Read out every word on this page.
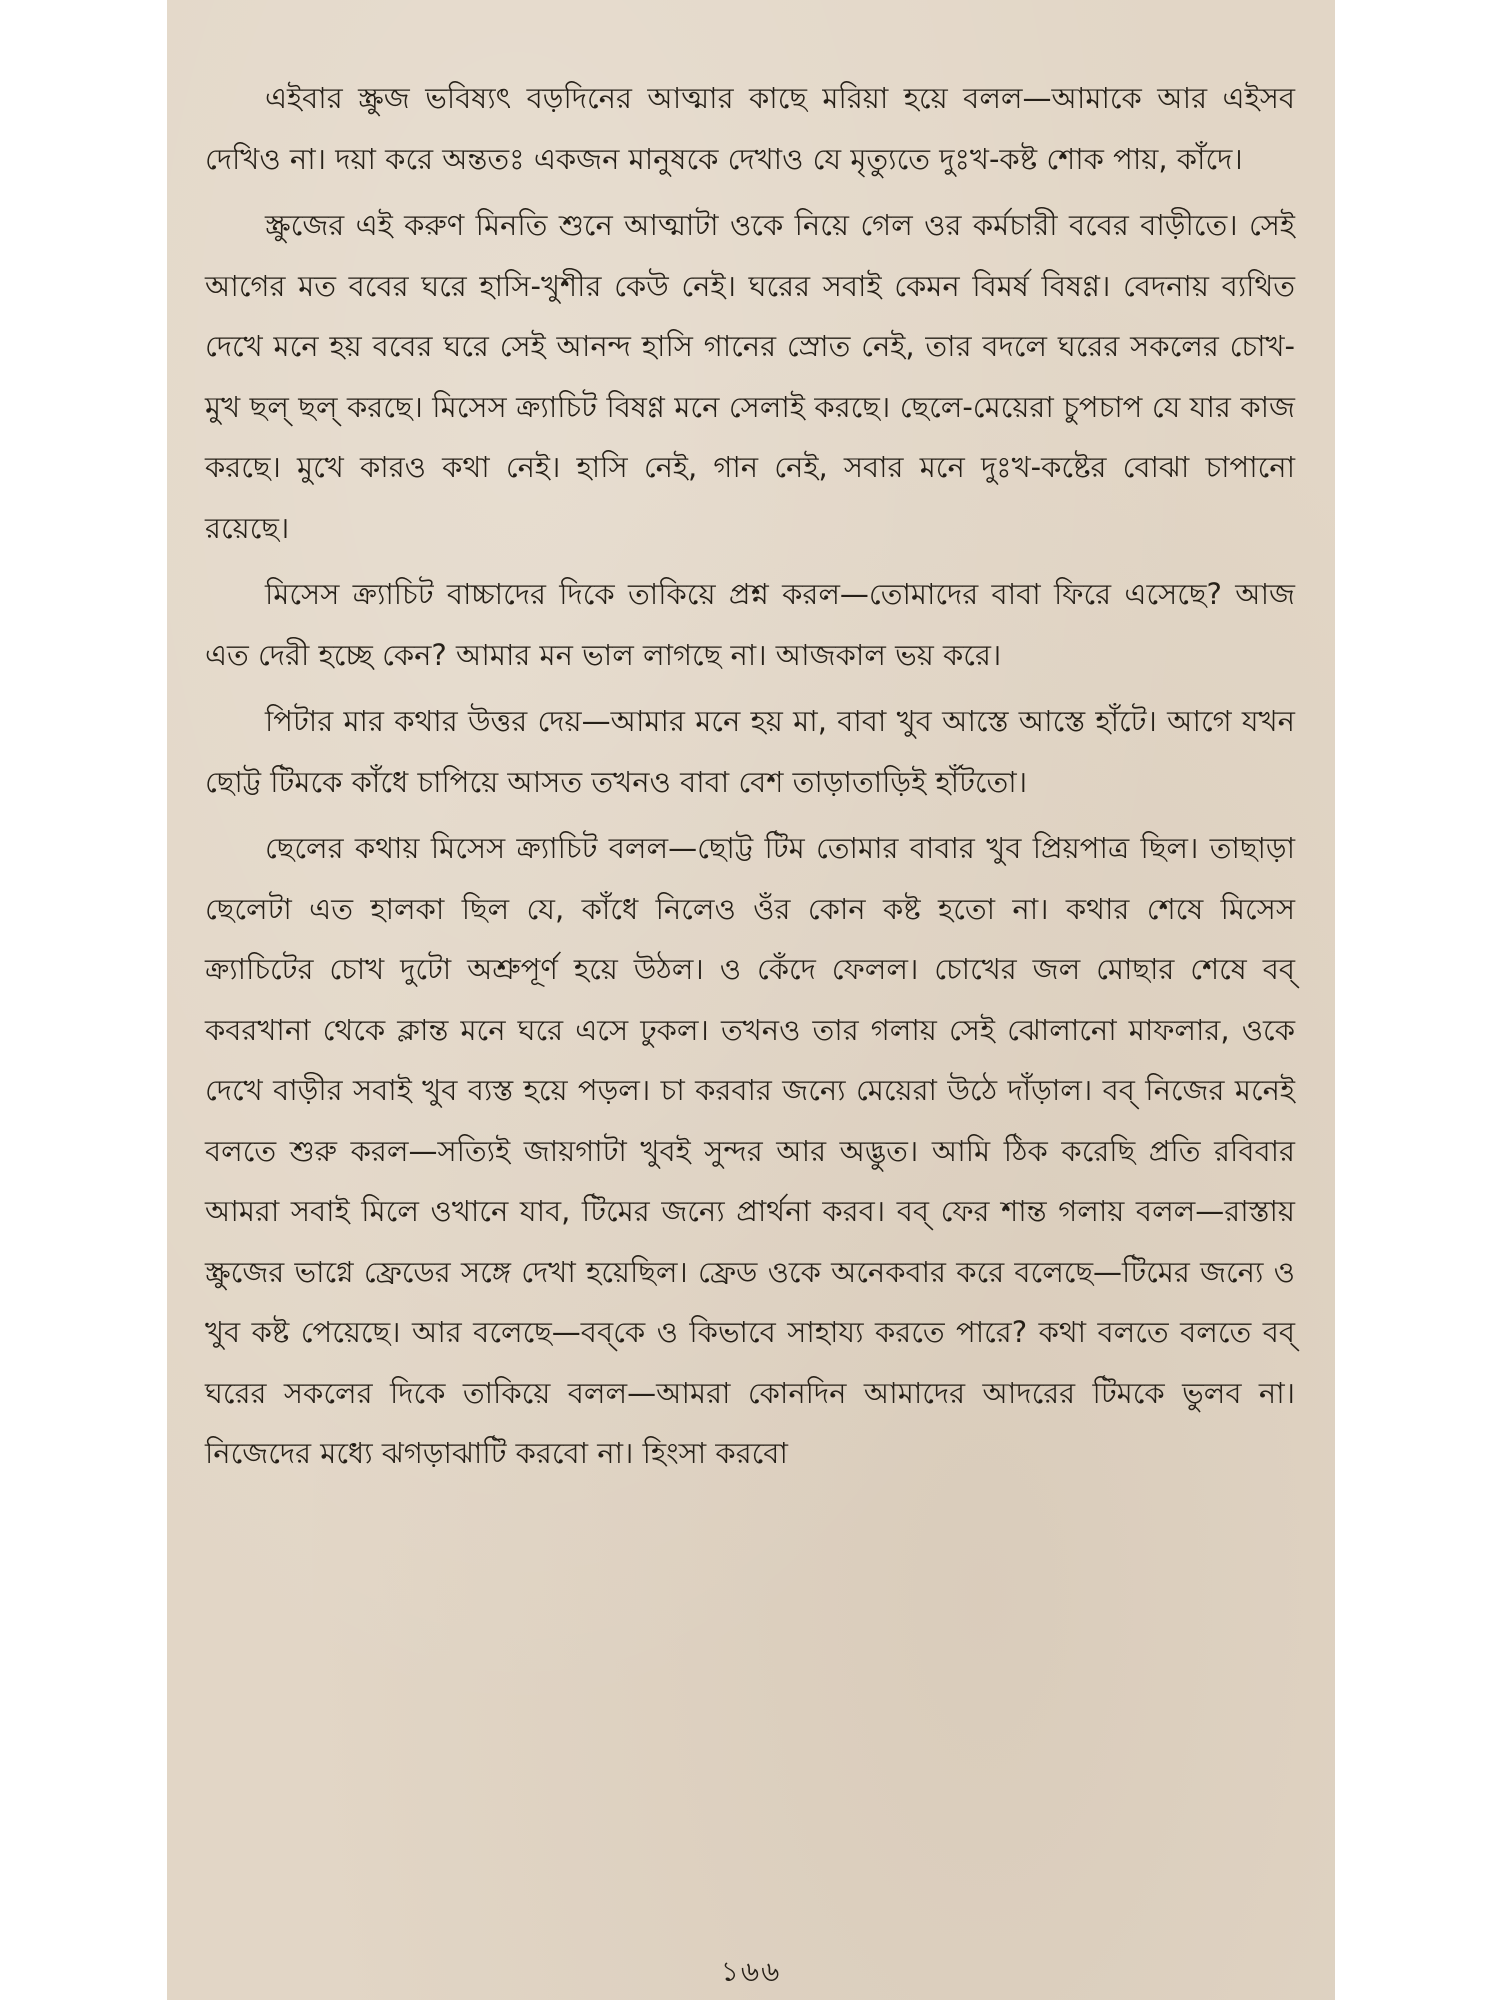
এইবার স্ক্রুজ ভবিষ্যৎ বড়দিনের আত্মার কাছে মরিয়া হয়ে বলল—আমাকে আর এইসব দেখিও না। দয়া করে অন্ততঃ একজন মানুষকে দেখাও যে মৃত্যুতে দুঃখ-কষ্ট শোক পায়, কাঁদে।

স্ক্রুজের এই করুণ মিনতি শুনে আত্মাটা ওকে নিয়ে গেল ওর কর্মচারী ববের বাড়ীতে। সেই আগের মত ববের ঘরে হাসি-খুশীর কেউ নেই। ঘরের সবাই কেমন বিমর্ষ বিষণ্ণ। বেদনায় ব্যথিত দেখে মনে হয় ববের ঘরে সেই আনন্দ হাসি গানের স্রোত নেই, তার বদলে ঘরের সকলের চোখ-মুখ ছল্ ছল্ করছে। মিসেস ক্র্যাচিট বিষণ্ণ মনে সেলাই করছে। ছেলে-মেয়েরা চুপচাপ যে যার কাজ করছে। মুখে কারও কথা নেই। হাসি নেই, গান নেই, সবার মনে দুঃখ-কষ্টের বোঝা চাপানো রয়েছে।

মিসেস ক্র্যাচিট বাচ্চাদের দিকে তাকিয়ে প্রশ্ন করল—তোমাদের বাবা ফিরে এসেছে? আজ এত দেরী হচ্ছে কেন? আমার মন ভাল লাগছে না। আজকাল ভয় করে।

পিটার মার কথার উত্তর দেয়—আমার মনে হয় মা, বাবা খুব আস্তে আস্তে হাঁটে। আগে যখন ছোট্ট টিমকে কাঁধে চাপিয়ে আসত তখনও বাবা বেশ তাড়াতাড়িই হাঁটতো।

ছেলের কথায় মিসেস ক্র্যাচিট বলল—ছোট্ট টিম তোমার বাবার খুব প্রিয়পাত্র ছিল। তাছাড়া ছেলেটা এত হালকা ছিল যে, কাঁধে নিলেও ওঁর কোন কষ্ট হতো না। কথার শেষে মিসেস ক্র্যাচিটের চোখ দুটো অশ্রুপূর্ণ হয়ে উঠল। ও কেঁদে ফেলল। চোখের জল মোছার শেষে বব্ কবরখানা থেকে ক্লান্ত মনে ঘরে এসে ঢুকল। তখনও তার গলায় সেই ঝোলানো মাফলার, ওকে দেখে বাড়ীর সবাই খুব ব্যস্ত হয়ে পড়ল। চা করবার জন্যে মেয়েরা উঠে দাঁড়াল। বব্ নিজের মনেই বলতে শুরু করল—সত্যিই জায়গাটা খুবই সুন্দর আর অদ্ভুত। আমি ঠিক করেছি প্রতি রবিবার আমরা সবাই মিলে ওখানে যাব, টিমের জন্যে প্রার্থনা করব। বব্ ফের শান্ত গলায় বলল—রাস্তায় স্ক্রুজের ভাগ্নে ফ্রেডের সঙ্গে দেখা হয়েছিল। ফ্রেড ওকে অনেকবার করে বলেছে—টিমের জন্যে ও খুব কষ্ট পেয়েছে। আর বলেছে—বব্‌কে ও কিভাবে সাহায্য করতে পারে? কথা বলতে বলতে বব্ ঘরের সকলের দিকে তাকিয়ে বলল—আমরা কোনদিন আমাদের আদরের টিমকে ভুলব না। নিজেদের মধ্যে ঝগড়াঝাটি করবো না। হিংসা করবো

১৬৬
